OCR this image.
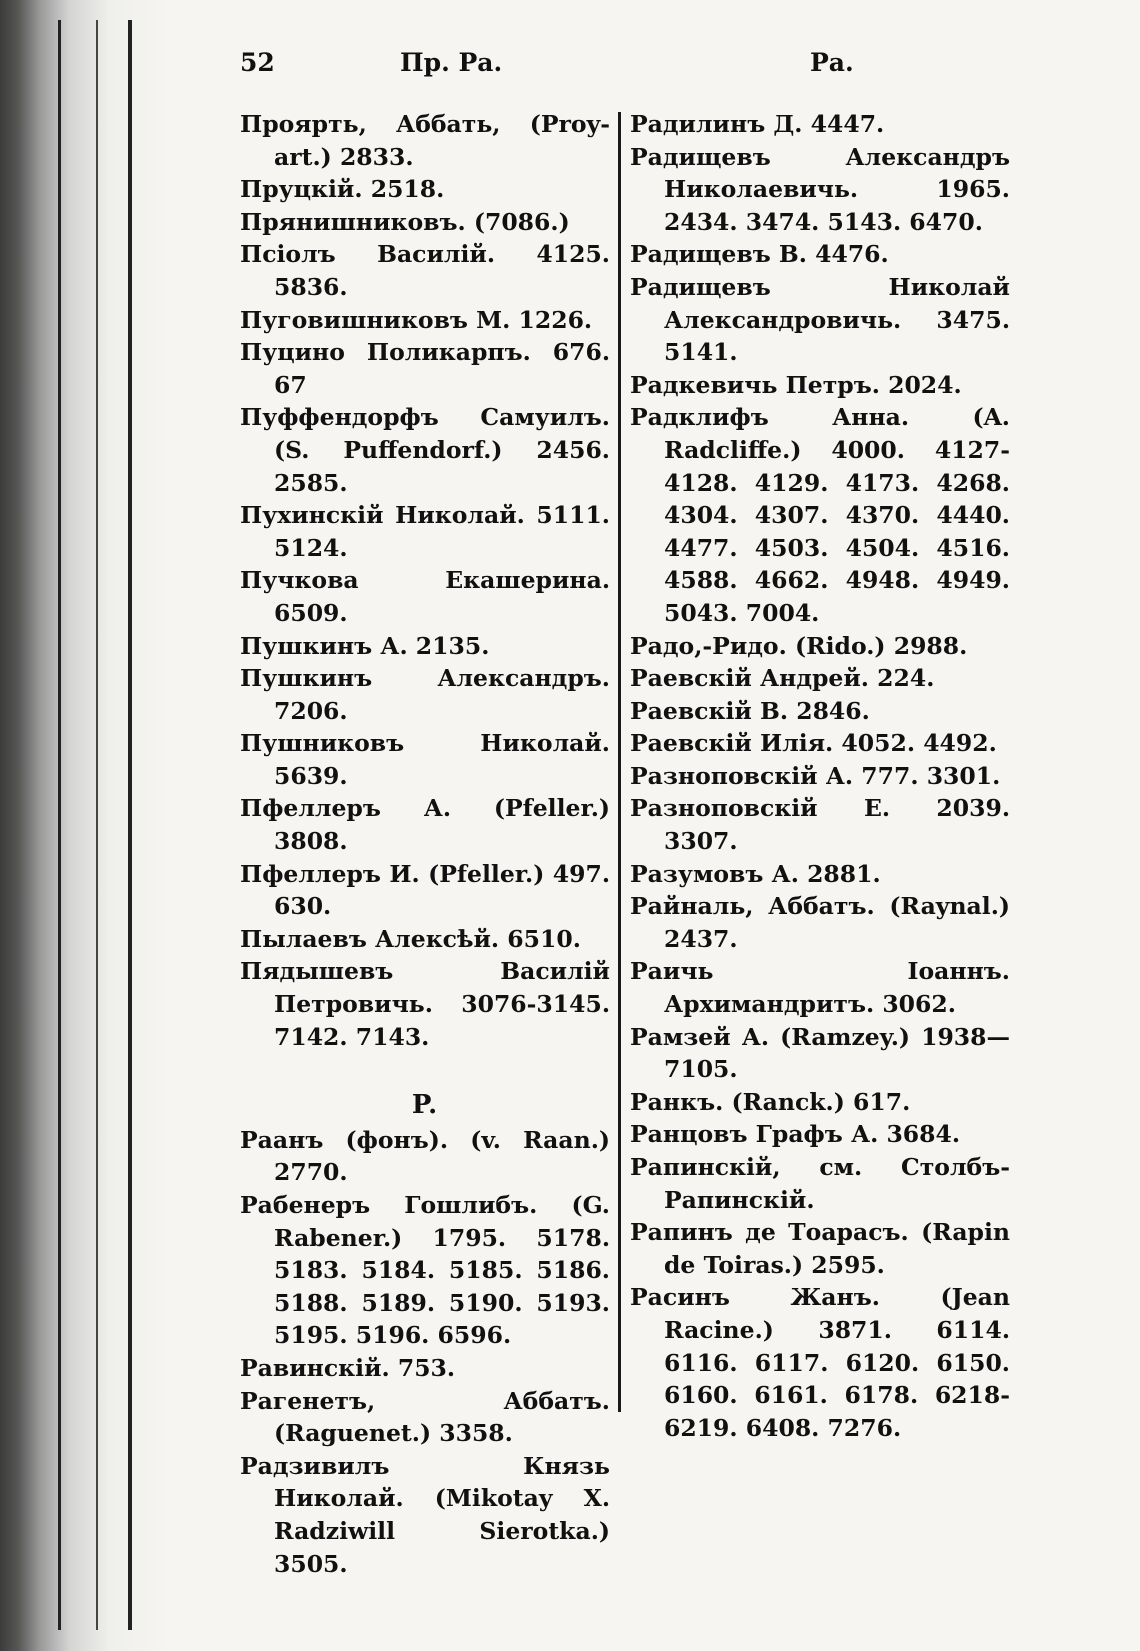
52	Пр. Ра.	Ра.
Проярть, Аббать, (Proy-art.) 2833.
Пруцкій. 2518.
Прянишниковъ. (7086.)
Псіолъ Василій. 4125. 5836.
Пуговишниковъ М. 1226.
Пуцино Поликарпъ. 676. 67
Пуффендорфъ Самуилъ. (S. Puffendorf.) 2456. 2585.
Пухинскій Николай. 5111. 5124.
Пучкова Екашерина. 6509.
Пушкинъ А. 2135.
Пушкинъ Александръ. 7206.
Пушниковъ Николай. 5639.
Пфеллеръ А. (Pfeller.) 3808.
Пфеллеръ И. (Pfeller.) 497. 630.
Пылаевъ Алексѣй. 6510.
Пядышевъ Василій Петровичь. 3076-3145. 7142. 7143.
P.
Раанъ (фонъ). (v. Raan.) 2770.
Рабенеръ Гошлибъ. (G. Rabener.) 1795. 5178. 5183. 5184. 5185. 5186. 5188. 5189. 5190. 5193. 5195. 5196. 6596.
Равинскій. 753.
Рагенетъ, Аббатъ. (Raguenet.) 3358.
Радзивилъ Князь Николай. (Mikotay X. Radziwill Sierotka.) 3505.
Радилинъ Д. 4447.
Радищевъ Александръ Николаевичь. 1965. 2434. 3474. 5143. 6470.
Радищевъ В. 4476.
Радищевъ Николай Александровичь. 3475. 5141.
Радкевичь Петръ. 2024.
Радклифъ Анна. (A. Radcliffe.) 4000. 4127-4128. 4129. 4173. 4268. 4304. 4307. 4370. 4440. 4477. 4503. 4504. 4516. 4588. 4662. 4948. 4949. 5043. 7004.
Радо,-Ридо. (Rido.) 2988.
Раевскій Андрей. 224.
Раевскій В. 2846.
Раевскій Илія. 4052. 4492.
Разноповскій А. 777. 3301.
Разноповскій Е. 2039. 3307.
Разумовъ А. 2881.
Райналь, Аббатъ. (Raynal.) 2437.
Раичь Іоаннъ. Архимандритъ. 3062.
Рамзей А. (Ramzey.) 1938—7105.
Ранкъ. (Ranck.) 617.
Ранцовъ Графъ А. 3684.
Рапинскій, см. Столбъ-Рапинскій.
Рапинъ де Тоарасъ. (Rapin de Toiras.) 2595.
Расинъ Жанъ. (Jean Racine.) 3871. 6114. 6116. 6117. 6120. 6150. 6160. 6161. 6178. 6218-6219. 6408. 7276.
